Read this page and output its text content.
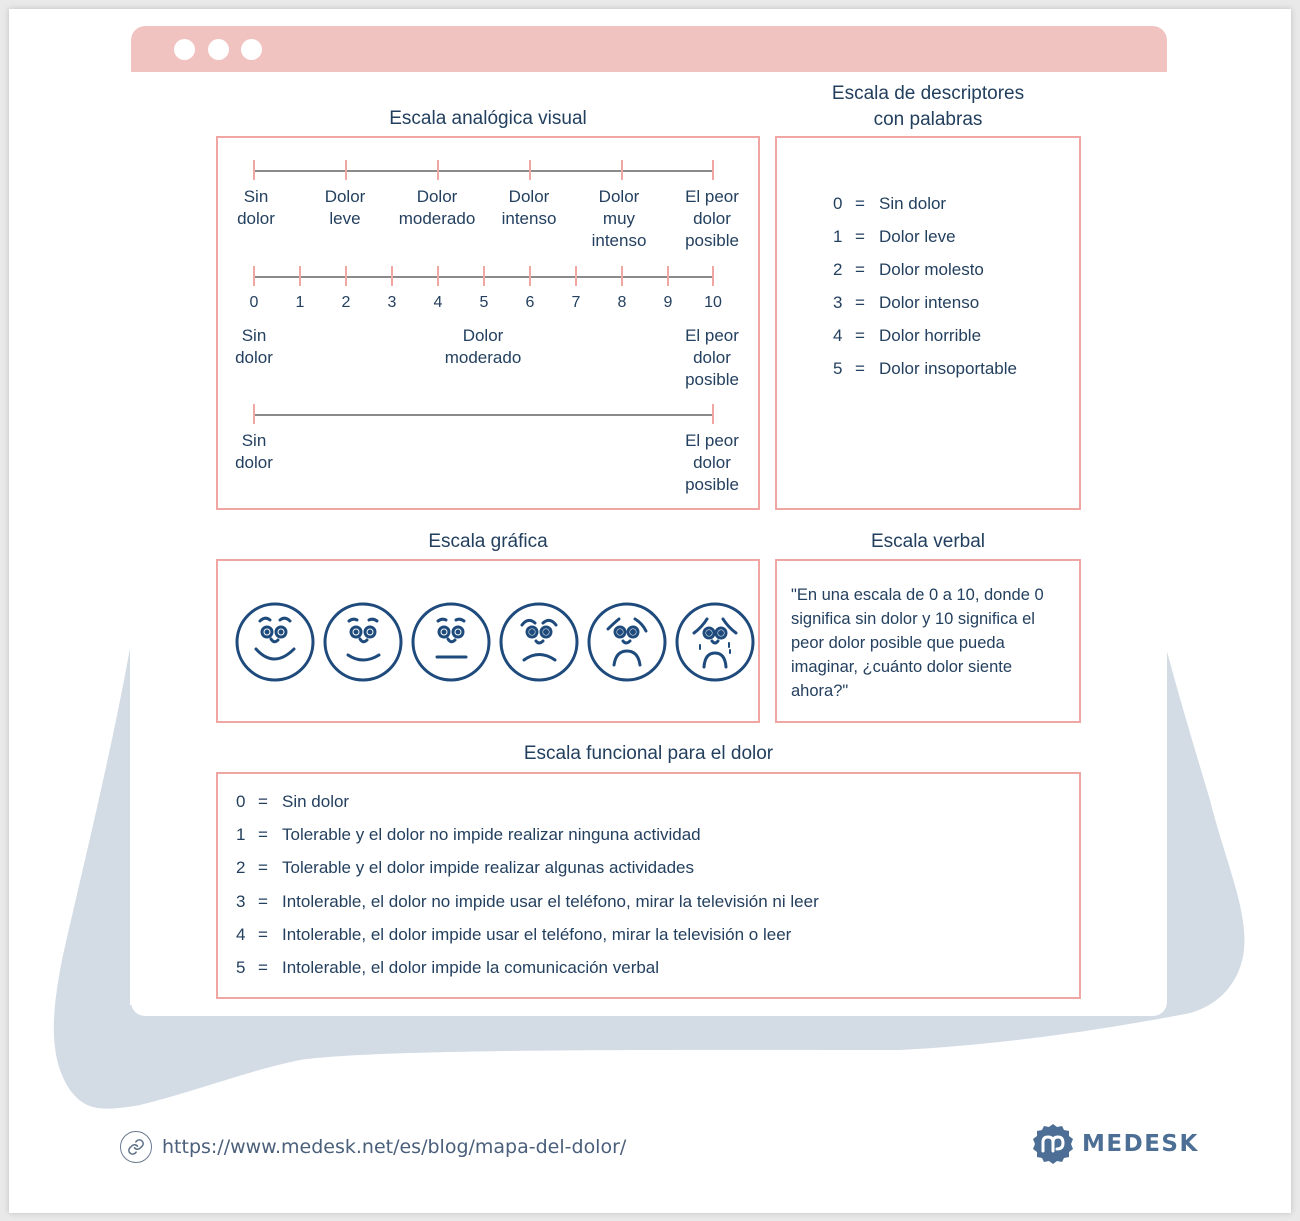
Escala analógica visual
Sin
dolor
Dolor
leve
Dolor
moderado
Dolor
intenso
Dolor
muy
intenso
El peor
dolor
posible
0 1 2 3 4 5 6 7 8 9 10
Sin
dolor
Dolor
moderado
El peor
dolor
posible
Sin
dolor
El peor
dolor
posible
Escala de descriptores
con palabras
0 = Sin dolor
1 = Dolor leve
2 = Dolor molesto
3 = Dolor intenso
4 = Dolor horrible
5 = Dolor insoportable
Escala gráfica	Escala verbal
"En una escala de 0 a 10, donde 0 significa sin dolor y 10 significa el peor dolor posible que pueda imaginar, ¿cuánto dolor siente ahora?"
Escala funcional para el dolor
0 = Sin dolor
1 = Tolerable y el dolor no impide realizar ninguna actividad
2 = Tolerable y el dolor impide realizar algunas actividades
3 = Intolerable, el dolor no impide usar el teléfono, mirar la televisión ni leer
4 = Intolerable, el dolor impide usar el teléfono, mirar la televisión o leer
5 = Intolerable, el dolor impide la comunicación verbal
https://www.medesk.net/es/blog/mapa-del-dolor/	MEDESK
